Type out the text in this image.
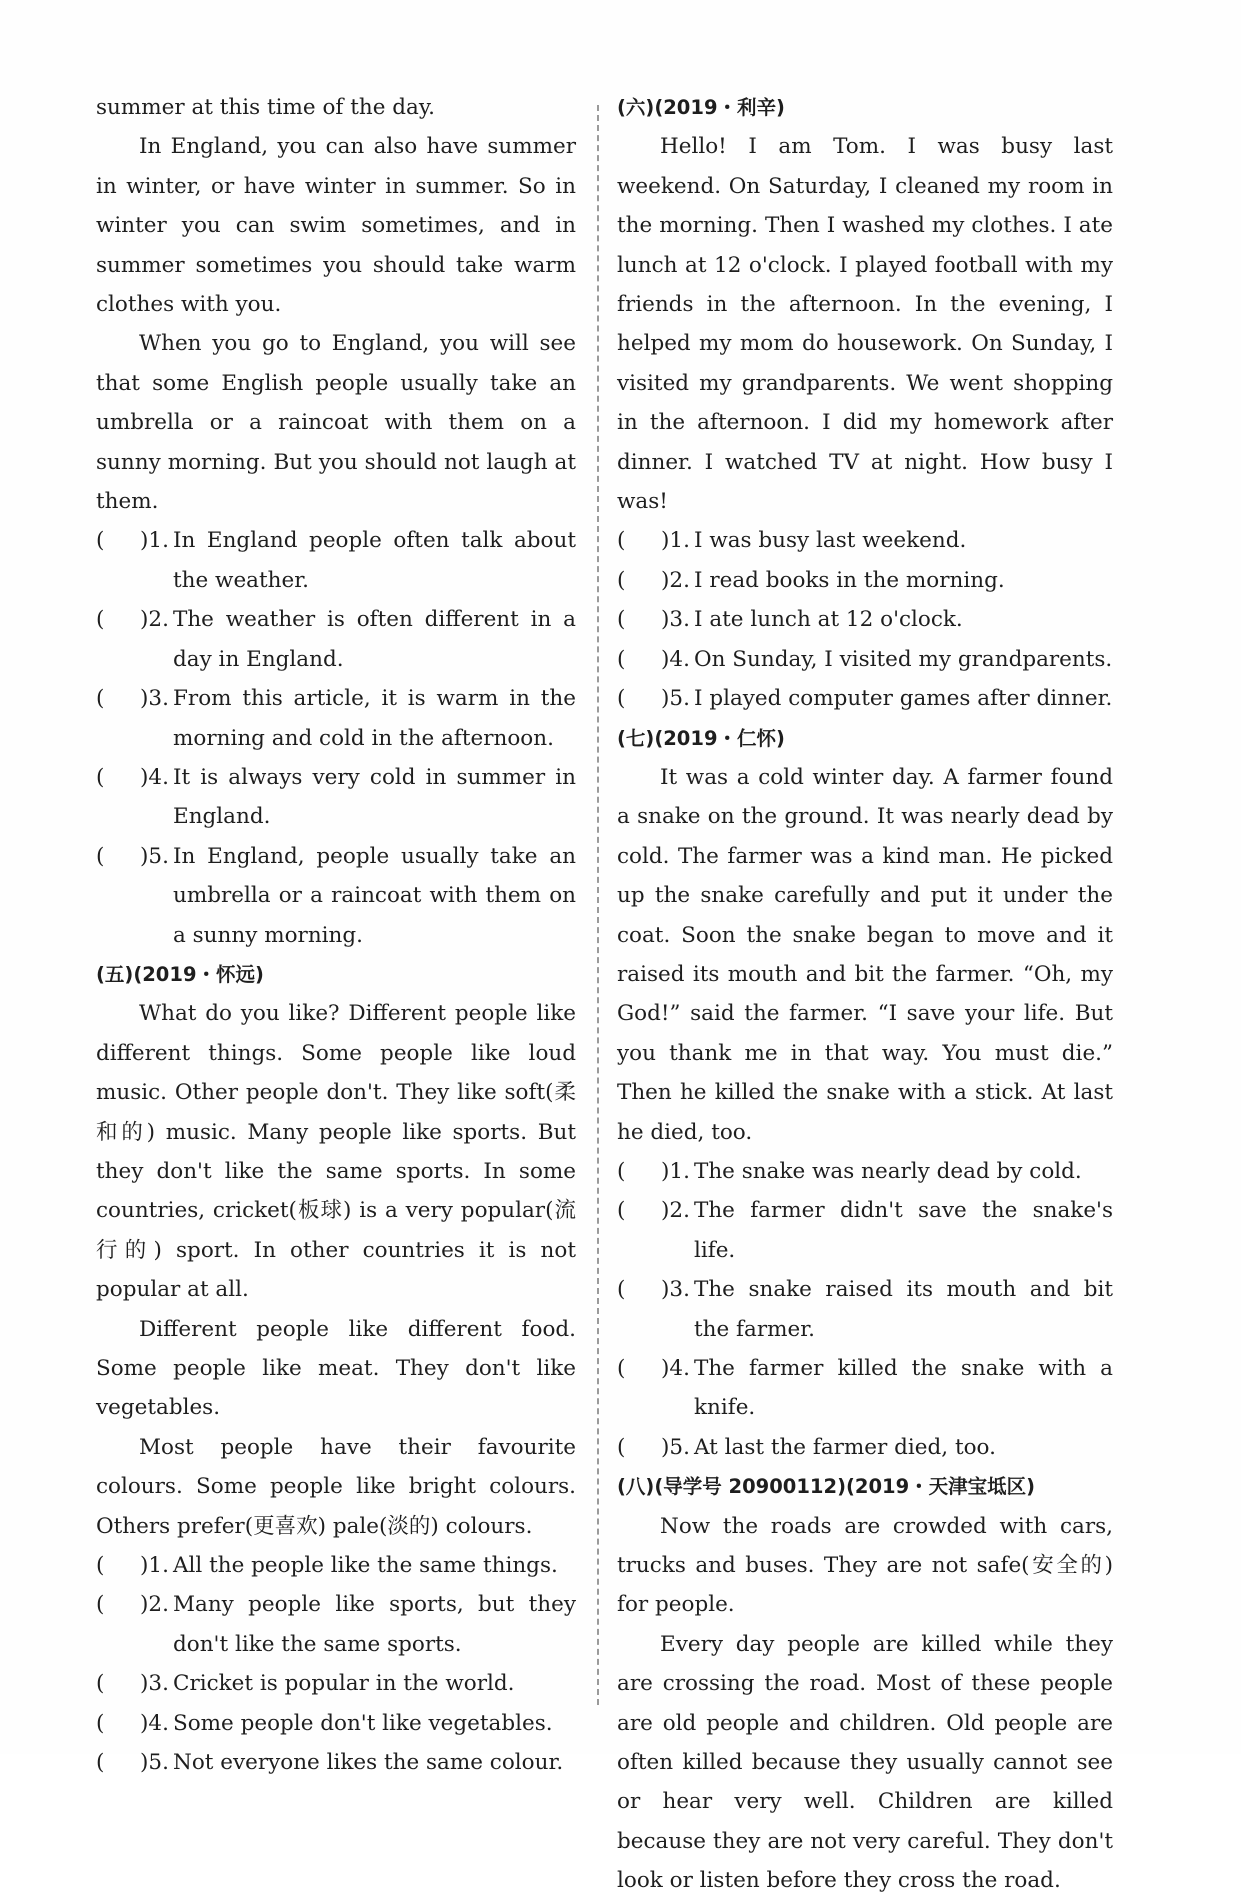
summer at this time of the day.

In England, you can also have summer in winter, or have winter in summer. So in winter you can swim sometimes, and in summer sometimes you should take warm clothes with you.

When you go to England, you will see that some English people usually take an umbrella or a raincoat with them on a sunny morning. But you should not laugh at them.

(	)1. In England people often talk about the weather.
(	)2. The weather is often different in a day in England.
(	)3. From this article, it is warm in the morning and cold in the afternoon.
(	)4. It is always very cold in summer in England.
(	)5. In England, people usually take an umbrella or a raincoat with them on a sunny morning.

(五)(2019・怀远)

What do you like? Different people like different things. Some people like loud music. Other people don't. They like soft(柔和的) music. Many people like sports. But they don't like the same sports. In some countries, cricket(板球) is a very popular(流行的) sport. In other countries it is not popular at all.

Different people like different food. Some people like meat. They don't like vegetables.

Most people have their favourite colours. Some people like bright colours. Others prefer(更喜欢) pale(淡的) colours.

(	)1. All the people like the same things.
(	)2. Many people like sports, but they don't like the same sports.
(	)3. Cricket is popular in the world.
(	)4. Some people don't like vegetables.
(	)5. Not everyone likes the same colour.

(六)(2019・利辛)

Hello! I am Tom. I was busy last weekend. On Saturday, I cleaned my room in the morning. Then I washed my clothes. I ate lunch at 12 o'clock. I played football with my friends in the afternoon. In the evening, I helped my mom do housework. On Sunday, I visited my grandparents. We went shopping in the afternoon. I did my homework after dinner. I watched TV at night. How busy I was!

(	)1. I was busy last weekend.
(	)2. I read books in the morning.
(	)3. I ate lunch at 12 o'clock.
(	)4. On Sunday, I visited my grandparents.
(	)5. I played computer games after dinner.

(七)(2019・仁怀)

It was a cold winter day. A farmer found a snake on the ground. It was nearly dead by cold. The farmer was a kind man. He picked up the snake carefully and put it under the coat. Soon the snake began to move and it raised its mouth and bit the farmer. “Oh, my God!” said the farmer. “I save your life. But you thank me in that way. You must die.” Then he killed the snake with a stick. At last he died, too.

(	)1. The snake was nearly dead by cold.
(	)2. The farmer didn't save the snake's life.
(	)3. The snake raised its mouth and bit the farmer.
(	)4. The farmer killed the snake with a knife.
(	)5. At last the farmer died, too.

(八)(导学号 20900112)(2019・天津宝坻区)

Now the roads are crowded with cars, trucks and buses. They are not safe(安全的) for people.

Every day people are killed while they are crossing the road. Most of these people are old people and children. Old people are often killed because they usually cannot see or hear very well. Children are killed because they are not very careful. They don't look or listen before they cross the road.
